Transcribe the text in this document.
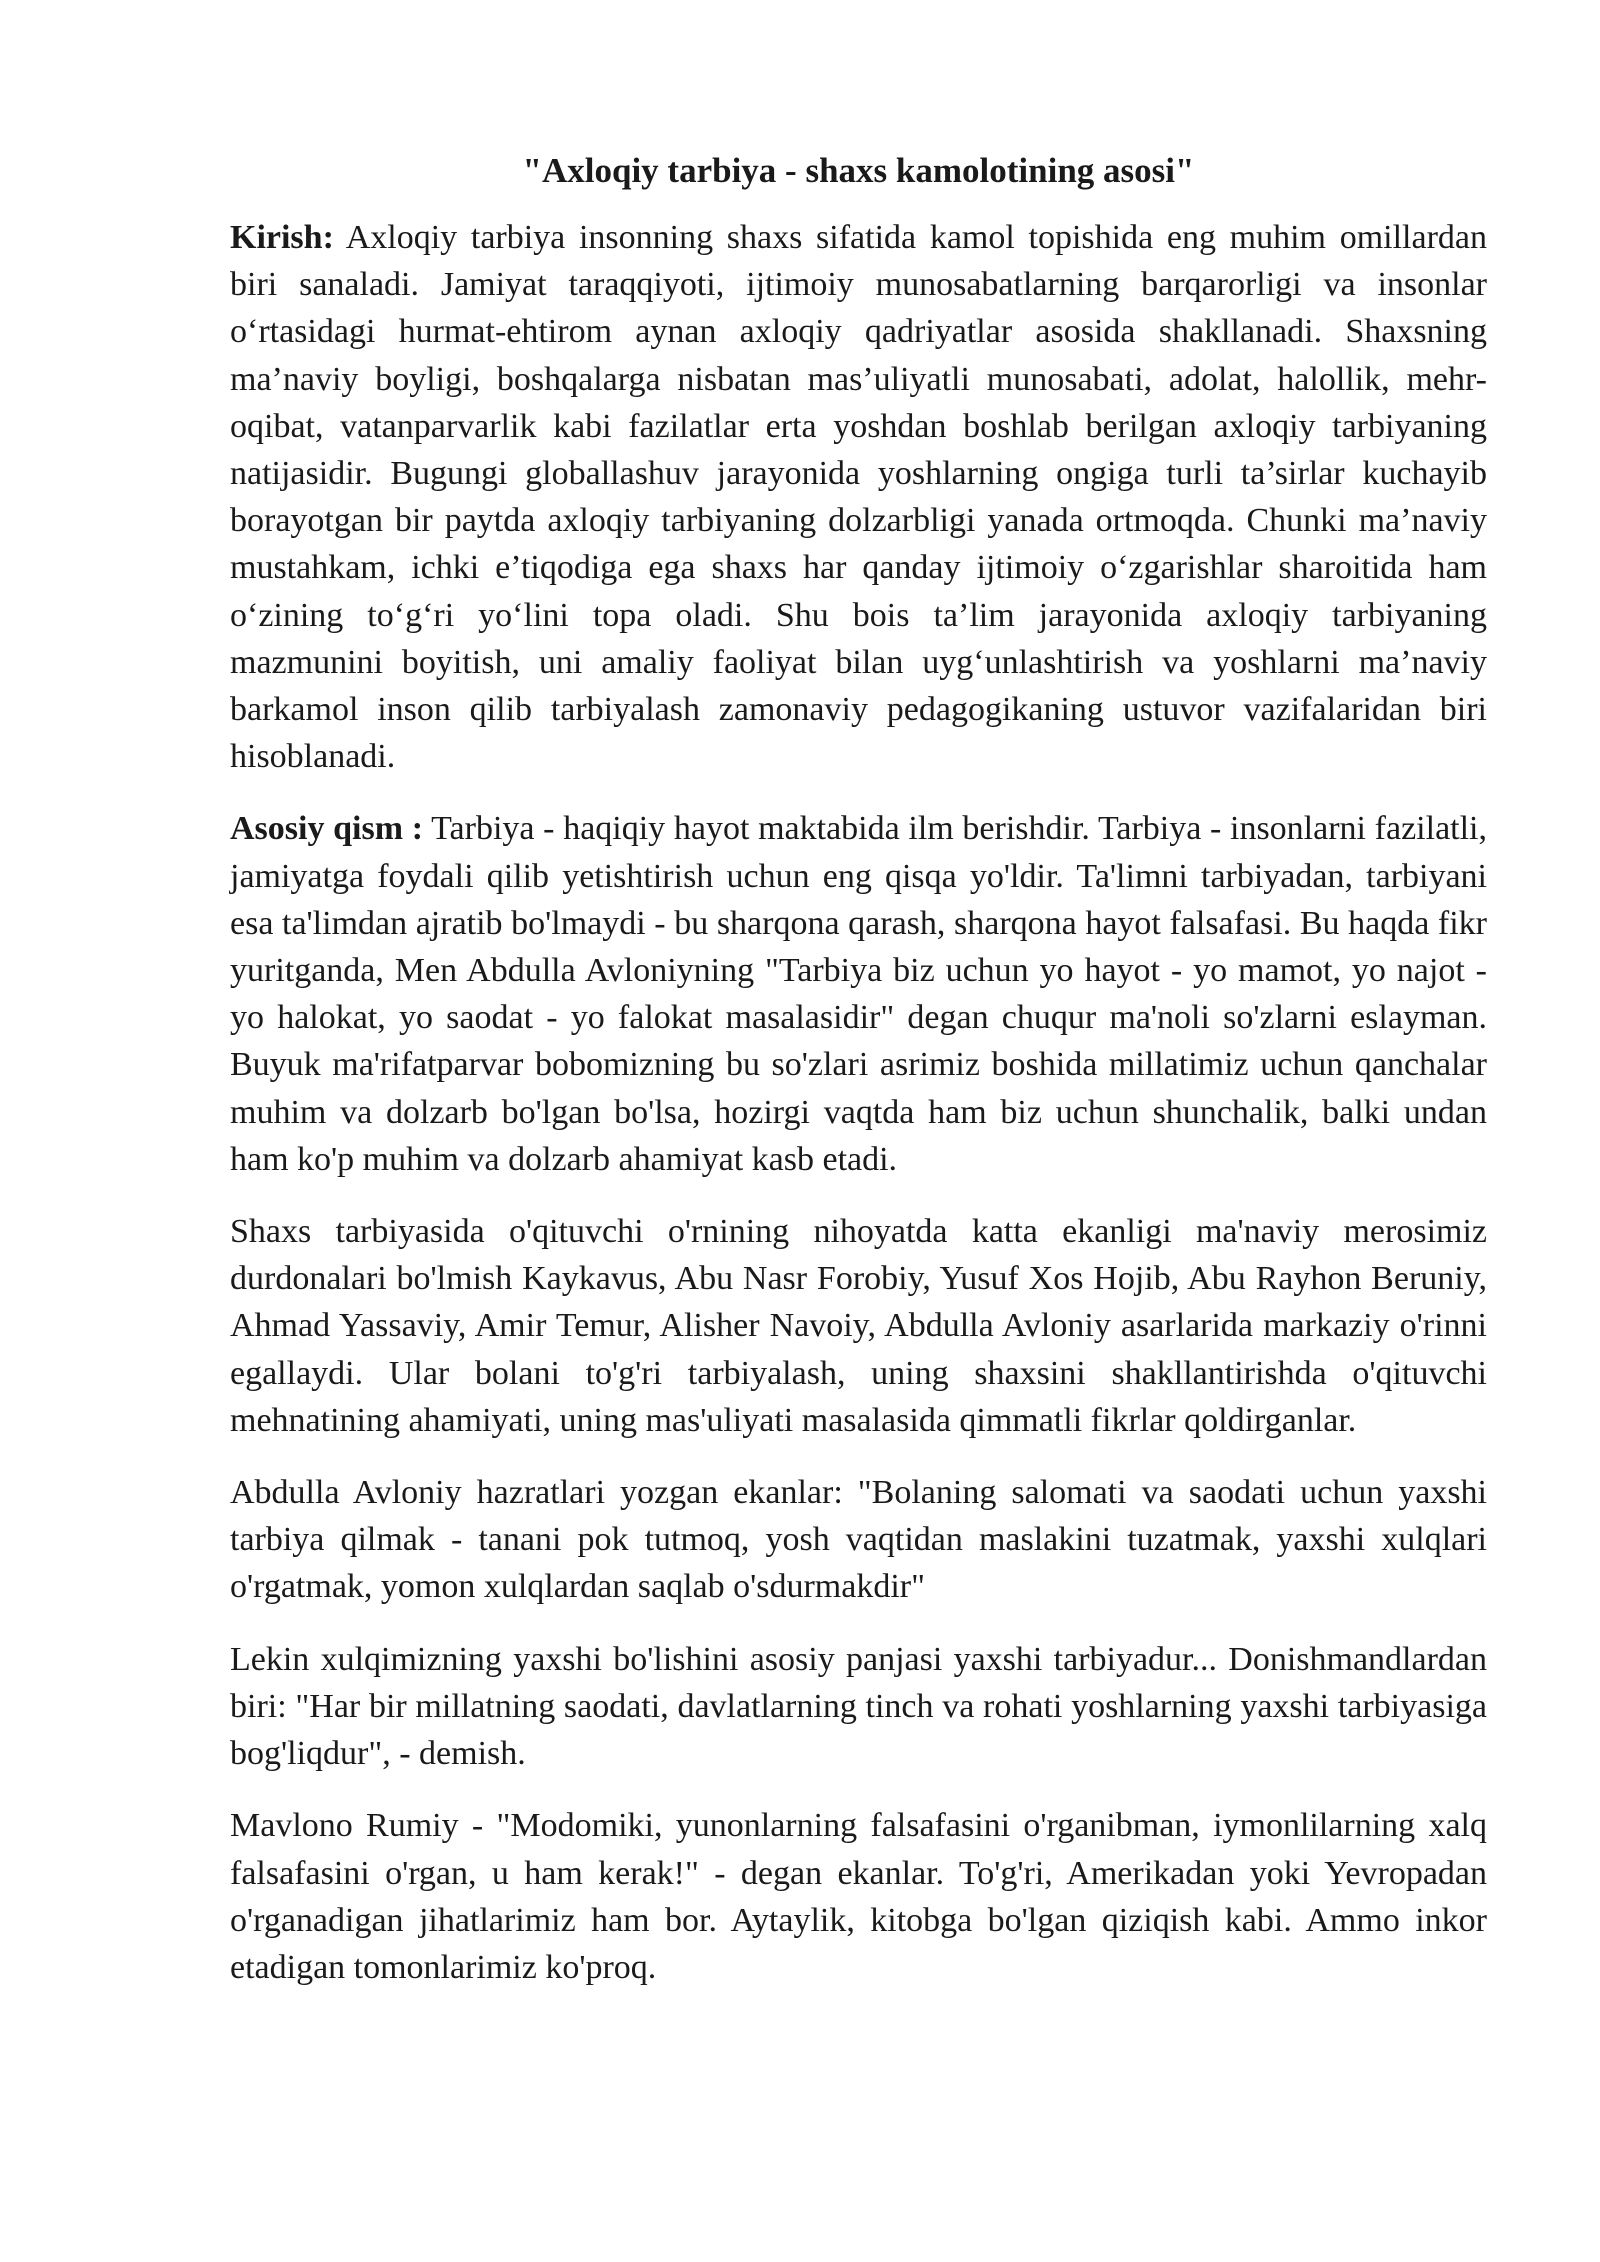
"Axloqiy tarbiya - shaxs kamolotining asosi"

Kirish: Axloqiy tarbiya insonning shaxs sifatida kamol topishida eng muhim omillardan biri sanaladi. Jamiyat taraqqiyoti, ijtimoiy munosabatlarning barqarorligi va insonlar o‘rtasidagi hurmat-ehtirom aynan axloqiy qadriyatlar asosida shakllanadi. Shaxsning ma’naviy boyligi, boshqalarga nisbatan mas’uliyatli munosabati, adolat, halollik, mehr-oqibat, vatanparvarlik kabi fazilatlar erta yoshdan boshlab berilgan axloqiy tarbiyaning natijasidir. Bugungi globallashuv jarayonida yoshlarning ongiga turli ta’sirlar kuchayib borayotgan bir paytda axloqiy tarbiyaning dolzarbligi yanada ortmoqda. Chunki ma’naviy mustahkam, ichki e’tiqodiga ega shaxs har qanday ijtimoiy o‘zgarishlar sharoitida ham o‘zining to‘g‘ri yo‘lini topa oladi. Shu bois ta’lim jarayonida axloqiy tarbiyaning mazmunini boyitish, uni amaliy faoliyat bilan uyg‘unlashtirish va yoshlarni ma’naviy barkamol inson qilib tarbiyalash zamonaviy pedagogikaning ustuvor vazifalaridan biri hisoblanadi.

Asosiy qism : Tarbiya - haqiqiy hayot maktabida ilm berishdir. Tarbiya - insonlarni fazilatli, jamiyatga foydali qilib yetishtirish uchun eng qisqa yo'ldir. Ta'limni tarbiyadan, tarbiyani esa ta'limdan ajratib bo'lmaydi - bu sharqona qarash, sharqona hayot falsafasi. Bu haqda fikr yuritganda, Men Abdulla Avloniyning "Tarbiya biz uchun yo hayot - yo mamot, yo najot - yo halokat, yo saodat - yo falokat masalasidir" degan chuqur ma'noli so'zlarni eslayman. Buyuk ma'rifatparvar bobomizning bu so'zlari asrimiz boshida millatimiz uchun qanchalar muhim va dolzarb bo'lgan bo'lsa, hozirgi vaqtda ham biz uchun shunchalik, balki undan ham ko'p muhim va dolzarb ahamiyat kasb etadi.

Shaxs tarbiyasida o'qituvchi o'rnining nihoyatda katta ekanligi ma'naviy merosimiz durdonalari bo'lmish Kaykavus, Abu Nasr Forobiy, Yusuf Xos Hojib, Abu Rayhon Beruniy, Ahmad Yassaviy, Amir Temur, Alisher Navoiy, Abdulla Avloniy asarlarida markaziy o'rinni egallaydi. Ular bolani to'g'ri tarbiyalash, uning shaxsini shakllantirishda o'qituvchi mehnatining ahamiyati, uning mas'uliyati masalasida qimmatli fikrlar qoldirganlar.

Abdulla Avloniy hazratlari yozgan ekanlar: "Bolaning salomati va saodati uchun yaxshi tarbiya qilmak - tanani pok tutmoq, yosh vaqtidan maslakini tuzatmak, yaxshi xulqlari o'rgatmak, yomon xulqlardan saqlab o'sdurmakdir"

Lekin xulqimizning yaxshi bo'lishini asosiy panjasi yaxshi tarbiyadur... Donishmandlardan biri: "Har bir millatning saodati, davlatlarning tinch va rohati yoshlarning yaxshi tarbiyasiga bog'liqdur", - demish.

Mavlono Rumiy - "Modomiki, yunonlarning falsafasini o'rganibman, iymonlilarning xalq falsafasini o'rgan, u ham kerak!" - degan ekanlar. To'g'ri, Amerikadan yoki Yevropadan o'rganadigan jihatlarimiz ham bor. Aytaylik, kitobga bo'lgan qiziqish kabi. Ammo inkor etadigan tomonlarimiz ko'proq.
